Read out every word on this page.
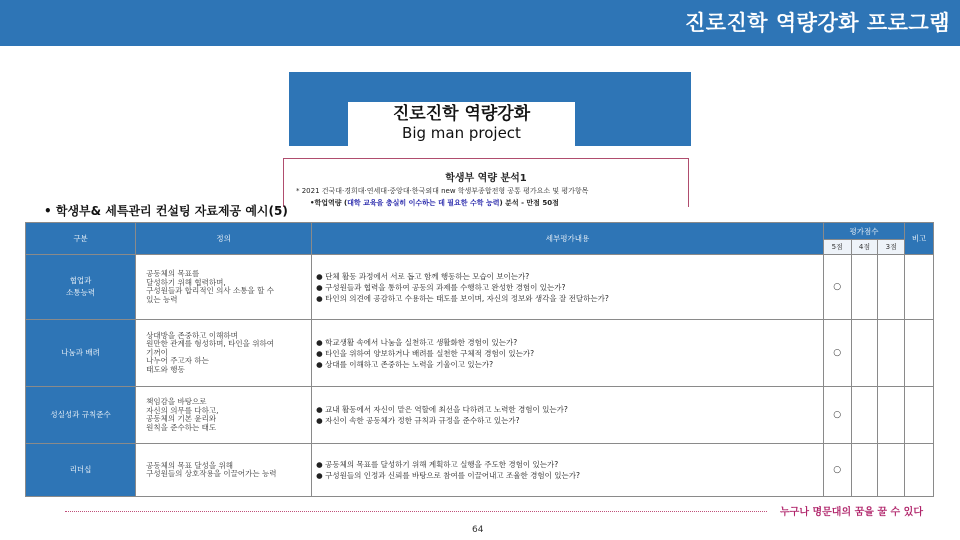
진로진학 역량강화 프로그램
진로진학 역량강화
Big man project
학생부 역량 분석1
* 2021 건국대·경희대·연세대·중앙대·한국외대 new 학생부종합전형 공통 평가요소 및 평가항목
•학업역량 (대학 교육을 충실히 이수하는 데 필요한 수학 능력) 분석 - 만점 50점
• 학생부& 세특관리 컨설팅 자료제공 예시(5)
구분	정의	세부평가내용	평가점수			비고
			5점	4점	3점	
협업과
소통능력	공동체의 목표를
달성하기 위해 협력하며,
구성원들과 합리적인 의사 소통을 할 수
있는 능력	● 단체 활동 과정에서 서로 돕고 함께 행동하는 모습이 보이는가?
● 구성원들과 협력을 통하여 공동의 과제를 수행하고 완성한 경험이 있는가?
● 타인의 의견에 공감하고 수용하는 태도를 보이며, 자신의 정보와 생각을 잘 전달하는가?	○			
나눔과 배려	상대방을 존중하고 이해하며
원만한 관계를 형성하며, 타인을 위하여
기꺼이
나누어 주고자 하는
태도와 행동	● 학교생활 속에서 나눔을 실천하고 생활화한 경험이 있는가?
● 타인을 위하여 양보하거나 배려를 실천한 구체적 경험이 있는가?
● 상대를 이해하고 존중하는 노력을 기울이고 있는가?	○			
성실성과 규칙준수	책임감을 바탕으로
자신의 의무를 다하고,
공동체의 기본 윤리와
원칙을 준수하는 태도	● 교내 활동에서 자신이 맡은 역할에 최선을 다하려고 노력한 경험이 있는가?
● 자신이 속한 공동체가 정한 규칙과 규정을 준수하고 있는가?	○			
리더십	공동체의 목표 달성을 위해
구성원들의 상호작용을 이끌어가는 능력	● 공동체의 목표를 달성하기 위해 계획하고 실행을 주도한 경험이 있는가?
● 구성원들의 인정과 신뢰를 바탕으로 참여를 이끌어내고 조율한 경험이 있는가?	○			
누구나 명문대의 꿈을 꿀 수 있다
64
